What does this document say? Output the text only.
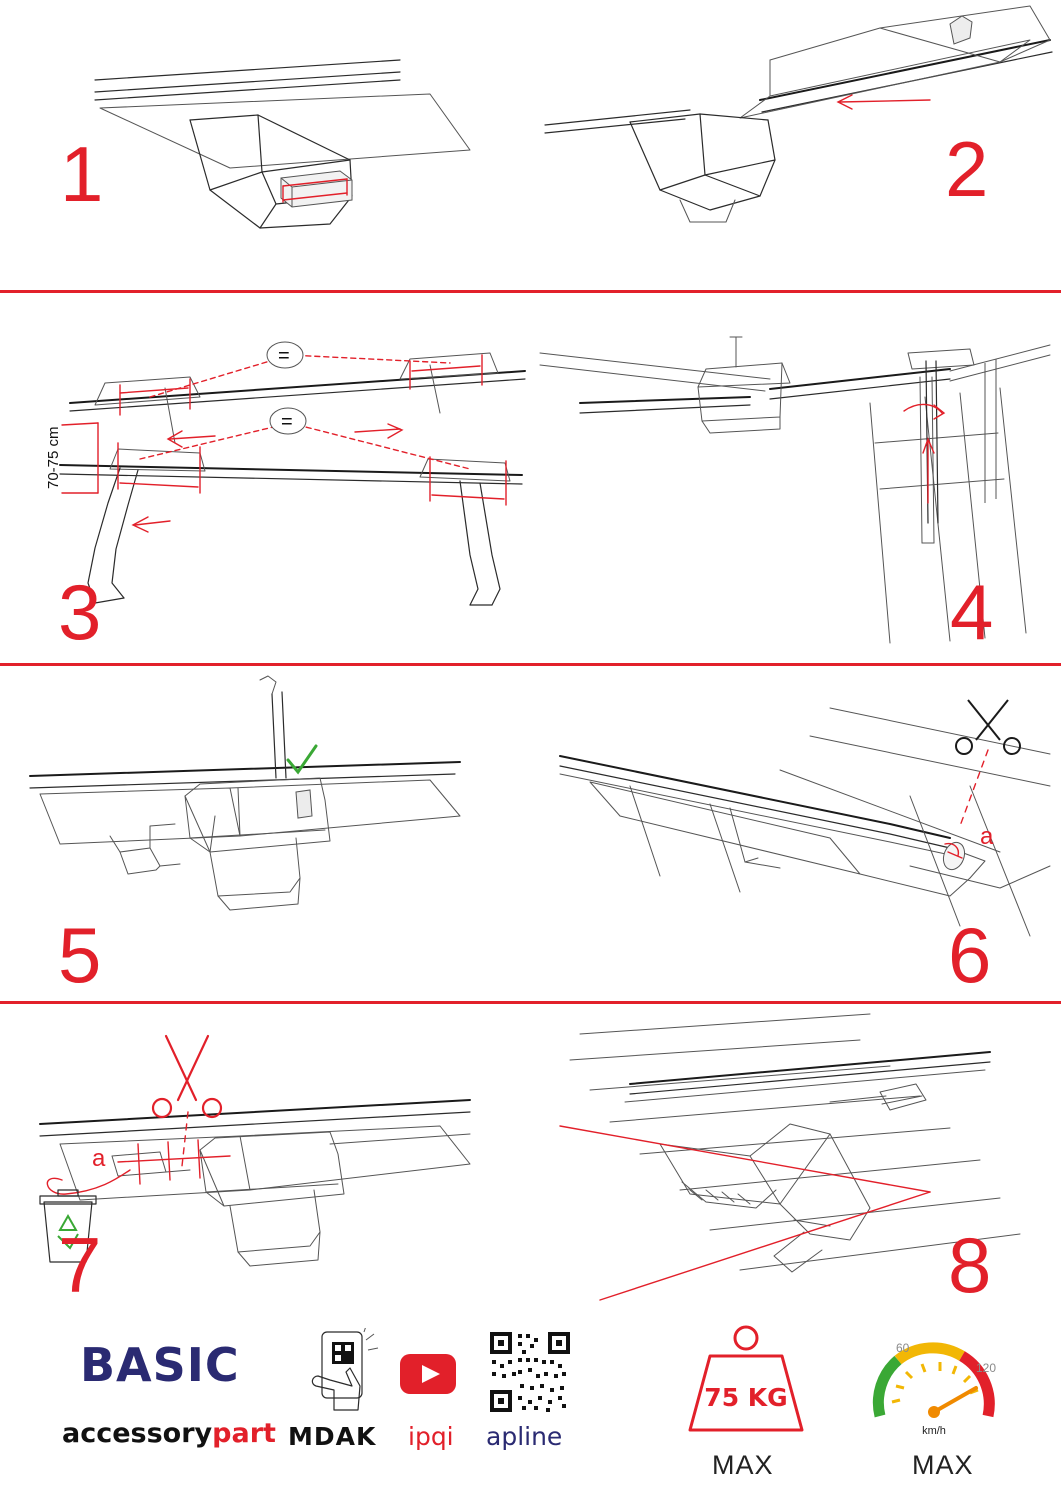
1	2
70-75 cm
=
=
3	4
5
a
6
a
7	8
BASIC
accessorypart MDAK ipqi apline
75 KG
MAX
60
120
km/h
MAX
